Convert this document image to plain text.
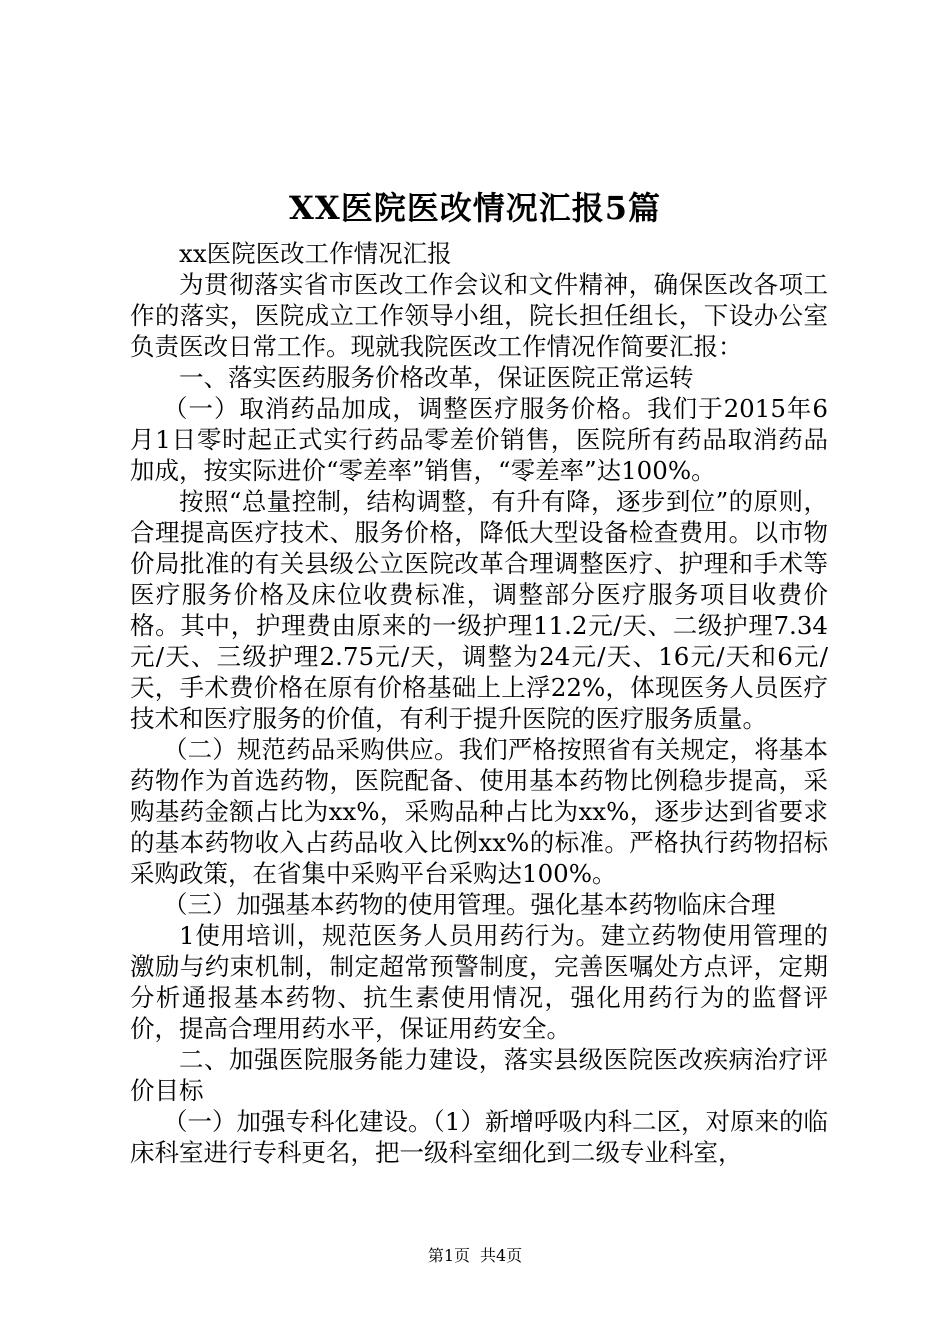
XX医院医改情况汇报5篇

xx医院医改工作情况汇报

为贯彻落实省市医改工作会议和文件精神，确保医改各项工作的落实，医院成立工作领导小组，院长担任组长，下设办公室负责医改日常工作。现就我院医改工作情况作简要汇报：

一、落实医药服务价格改革，保证医院正常运转

（一）取消药品加成，调整医疗服务价格。我们于2015年6月1日零时起正式实行药品零差价销售，医院所有药品取消药品加成，按实际进价“零差率”销售，“零差率”达100%。

按照“总量控制，结构调整，有升有降，逐步到位”的原则，合理提高医疗技术、服务价格，降低大型设备检查费用。以市物价局批准的有关县级公立医院改革合理调整医疗、护理和手术等医疗服务价格及床位收费标准，调整部分医疗服务项目收费价格。其中，护理费由原来的一级护理11.2元/天、二级护理7.34元/天、三级护理2.75元/天，调整为24元/天、16元/天和6元/天，手术费价格在原有价格基础上上浮22%，体现医务人员医疗技术和医疗服务的价值，有利于提升医院的医疗服务质量。

（二）规范药品采购供应。我们严格按照省有关规定，将基本药物作为首选药物，医院配备、使用基本药物比例稳步提高，采购基药金额占比为xx%，采购品种占比为xx%，逐步达到省要求的基本药物收入占药品收入比例xx%的标准。严格执行药物招标采购政策，在省集中采购平台采购达100%。

（三）加强基本药物的使用管理。强化基本药物临床合理

1使用培训，规范医务人员用药行为。建立药物使用管理的激励与约束机制，制定超常预警制度，完善医嘱处方点评，定期分析通报基本药物、抗生素使用情况，强化用药行为的监督评价，提高合理用药水平，保证用药安全。

二、加强医院服务能力建设，落实县级医院医改疾病治疗评价目标

（一）加强专科化建设。（1）新增呼吸内科二区，对原来的临床科室进行专科更名，把一级科室细化到二级专业科室，

第1页 共4页
